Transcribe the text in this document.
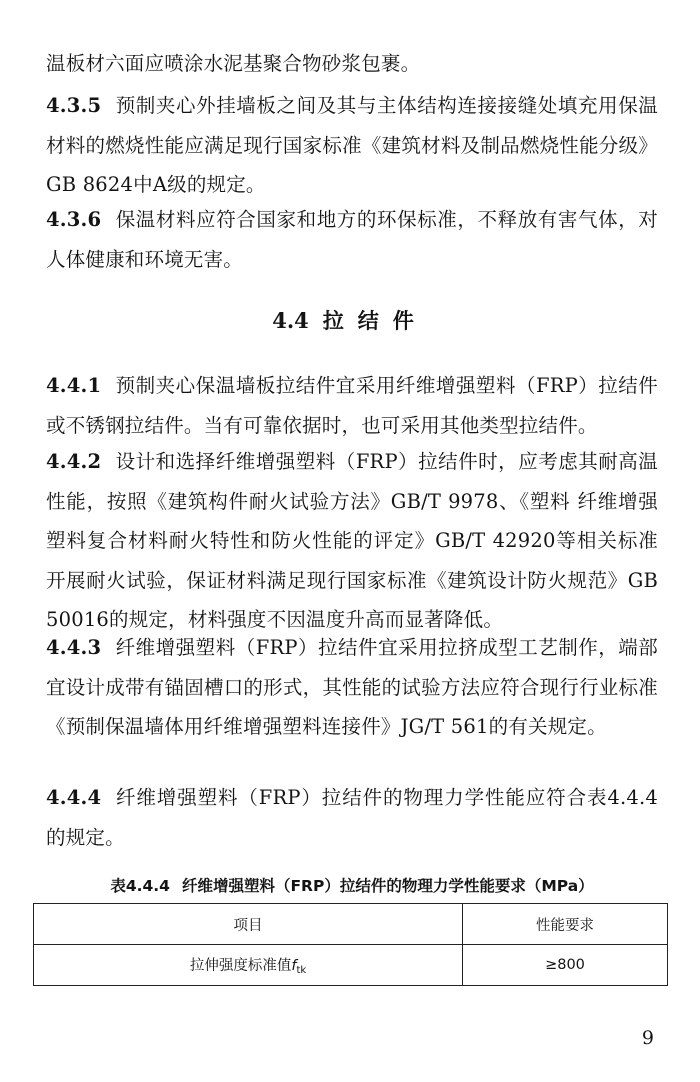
温板材六面应喷涂水泥基聚合物砂浆包裹。
4.3.5 预制夹心外挂墙板之间及其与主体结构连接接缝处填充用保温材料的燃烧性能应满足现行国家标准《建筑材料及制品燃烧性能分级》GB 8624中A级的规定。
4.3.6 保温材料应符合国家和地方的环保标准，不释放有害气体，对人体健康和环境无害。
4.4 拉结件
4.4.1 预制夹心保温墙板拉结件宜采用纤维增强塑料（FRP）拉结件或不锈钢拉结件。当有可靠依据时，也可采用其他类型拉结件。
4.4.2 设计和选择纤维增强塑料（FRP）拉结件时，应考虑其耐高温性能，按照《建筑构件耐火试验方法》GB/T 9978、《塑料 纤维增强塑料复合材料耐火特性和防火性能的评定》GB/T 42920等相关标准开展耐火试验，保证材料满足现行国家标准《建筑设计防火规范》GB 50016的规定，材料强度不因温度升高而显著降低。
4.4.3 纤维增强塑料（FRP）拉结件宜采用拉挤成型工艺制作，端部宜设计成带有锚固槽口的形式，其性能的试验方法应符合现行行业标准《预制保温墙体用纤维增强塑料连接件》JG/T 561的有关规定。
4.4.4 纤维增强塑料（FRP）拉结件的物理力学性能应符合表4.4.4的规定。
表4.4.4 纤维增强塑料（FRP）拉结件的物理力学性能要求（MPa）
项目	性能要求
拉伸强度标准值$f_{tk}$	≥800
9
